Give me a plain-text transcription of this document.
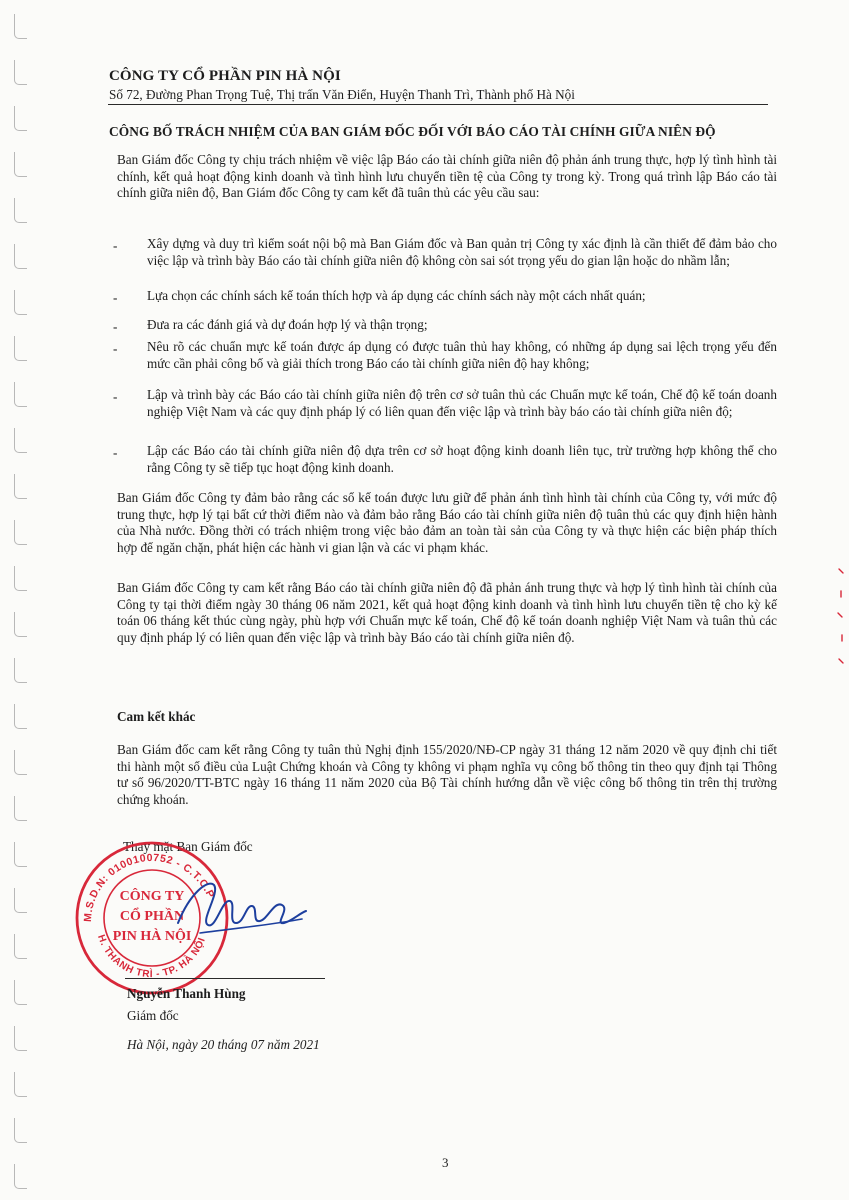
CÔNG TY CỔ PHẦN PIN HÀ NỘI
Số 72, Đường Phan Trọng Tuệ, Thị trấn Văn Điển, Huyện Thanh Trì, Thành phố Hà Nội
CÔNG BỐ TRÁCH NHIỆM CỦA BAN GIÁM ĐỐC ĐỐI VỚI BÁO CÁO TÀI CHÍNH GIỮA NIÊN ĐỘ

Ban Giám đốc Công ty chịu trách nhiệm về việc lập Báo cáo tài chính giữa niên độ phản ánh trung thực, hợp lý tình hình tài chính, kết quả hoạt động kinh doanh và tình hình lưu chuyển tiền tệ của Công ty trong kỳ. Trong quá trình lập Báo cáo tài chính giữa niên độ, Ban Giám đốc Công ty cam kết đã tuân thủ các yêu cầu sau:

- Xây dựng và duy trì kiểm soát nội bộ mà Ban Giám đốc và Ban quản trị Công ty xác định là cần thiết để đảm bảo cho việc lập và trình bày Báo cáo tài chính giữa niên độ không còn sai sót trọng yếu do gian lận hoặc do nhầm lẫn;
- Lựa chọn các chính sách kế toán thích hợp và áp dụng các chính sách này một cách nhất quán;
- Đưa ra các đánh giá và dự đoán hợp lý và thận trọng;
- Nêu rõ các chuẩn mực kế toán được áp dụng có được tuân thủ hay không, có những áp dụng sai lệch trọng yếu đến mức cần phải công bố và giải thích trong Báo cáo tài chính giữa niên độ hay không;
- Lập và trình bày các Báo cáo tài chính giữa niên độ trên cơ sở tuân thủ các Chuẩn mực kế toán, Chế độ kế toán doanh nghiệp Việt Nam và các quy định pháp lý có liên quan đến việc lập và trình bày báo cáo tài chính giữa niên độ;
- Lập các Báo cáo tài chính giữa niên độ dựa trên cơ sở hoạt động kinh doanh liên tục, trừ trường hợp không thể cho rằng Công ty sẽ tiếp tục hoạt động kinh doanh.

Ban Giám đốc Công ty đảm bảo rằng các sổ kế toán được lưu giữ để phản ánh tình hình tài chính của Công ty, với mức độ trung thực, hợp lý tại bất cứ thời điểm nào và đảm bảo rằng Báo cáo tài chính giữa niên độ tuân thủ các quy định hiện hành của Nhà nước. Đồng thời có trách nhiệm trong việc bảo đảm an toàn tài sản của Công ty và thực hiện các biện pháp thích hợp để ngăn chặn, phát hiện các hành vi gian lận và các vi phạm khác.

Ban Giám đốc Công ty cam kết rằng Báo cáo tài chính giữa niên độ đã phản ánh trung thực và hợp lý tình hình tài chính của Công ty tại thời điểm ngày 30 tháng 06 năm 2021, kết quả hoạt động kinh doanh và tình hình lưu chuyển tiền tệ cho kỳ kế toán 06 tháng kết thúc cùng ngày, phù hợp với Chuẩn mực kế toán, Chế độ kế toán doanh nghiệp Việt Nam và tuân thủ các quy định pháp lý có liên quan đến việc lập và trình bày Báo cáo tài chính giữa niên độ.

Cam kết khác

Ban Giám đốc cam kết rằng Công ty tuân thủ Nghị định 155/2020/NĐ-CP ngày 31 tháng 12 năm 2020 về quy định chi tiết thi hành một số điều của Luật Chứng khoán và Công ty không vi phạm nghĩa vụ công bố thông tin theo quy định tại Thông tư số 96/2020/TT-BTC ngày 16 tháng 11 năm 2020 của Bộ Tài chính hướng dẫn về việc công bố thông tin trên thị trường chứng khoán.

Thay mặt Ban Giám đốc
M.S.D.N: 0100100752 - C.T.C.P
H. THANH TRÌ - TP. HÀ NỘI
CÔNG TY
CỔ PHẦN
PIN HÀ NỘI
Nguyễn Thanh Hùng
Giám đốc
Hà Nội, ngày 20 tháng 07 năm 2021
3
